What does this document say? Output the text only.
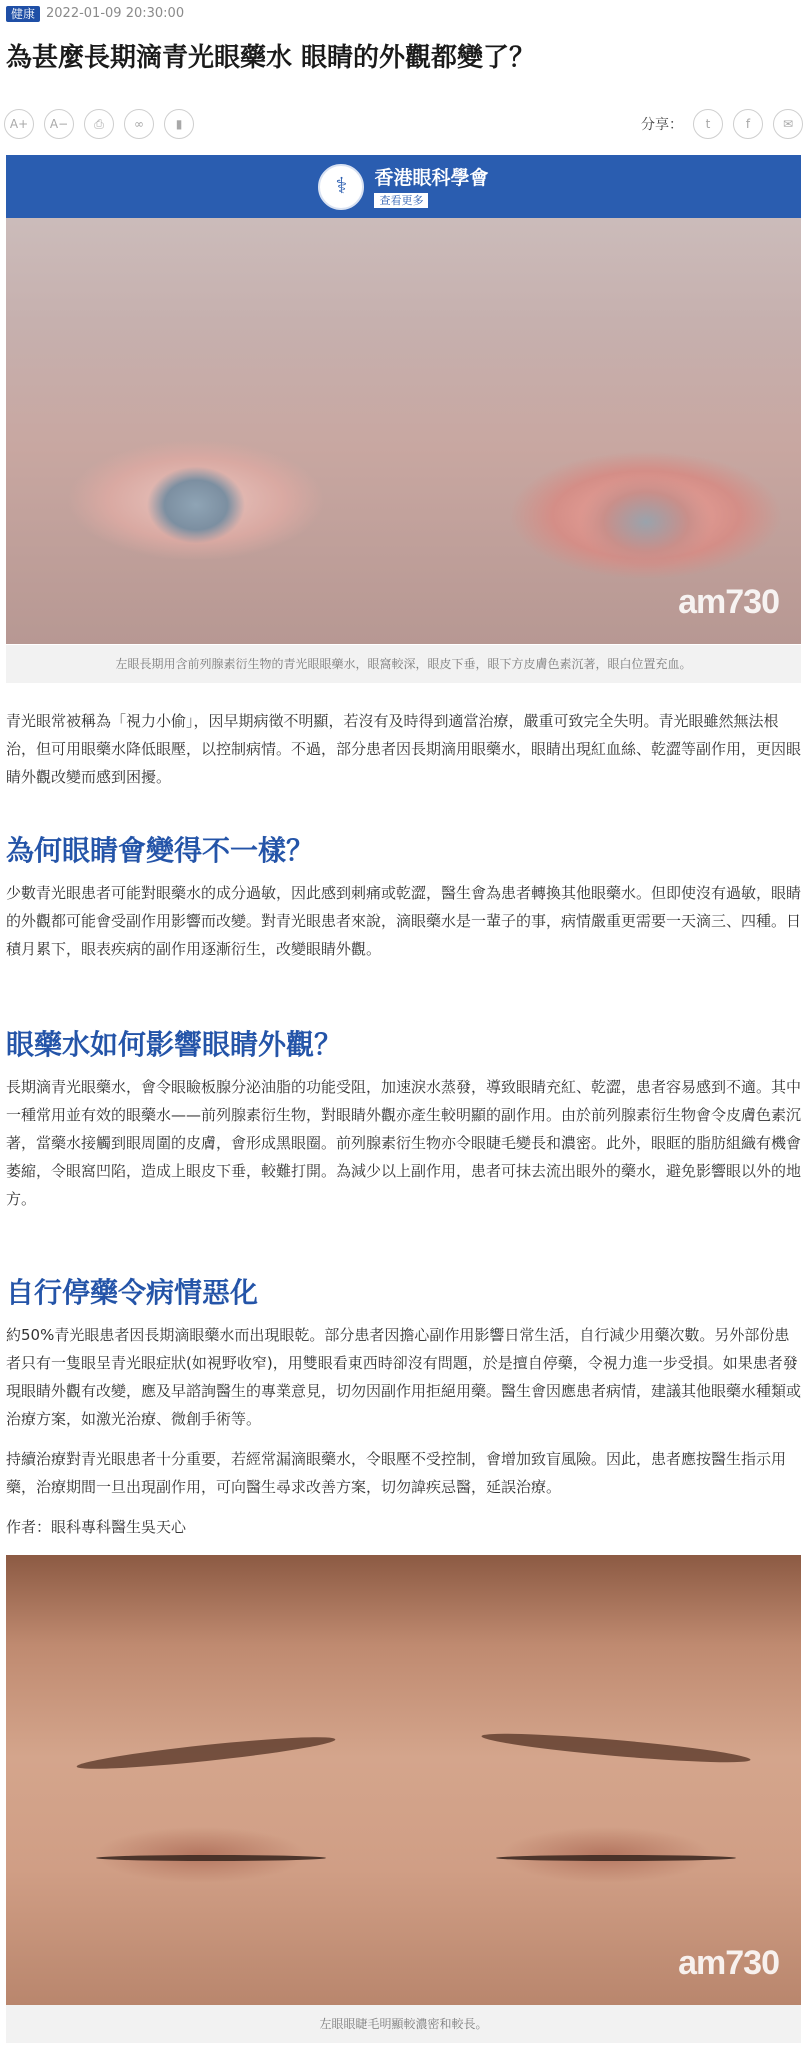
健康 2022-01-09 20:30:00
為甚麼長期滴青光眼藥水 眼睛的外觀都變了？
A+	A−	⎙	∞	▮	分享：	t	f	✉
⚕	香港眼科學會
查看更多
am730
左眼長期用含前列腺素衍生物的青光眼眼藥水，眼窩較深，眼皮下垂，眼下方皮膚色素沉著，眼白位置充血。

青光眼常被稱為「視力小偷」，因早期病徵不明顯，若沒有及時得到適當治療，嚴重可致完全失明。青光眼雖然無法根治，但可用眼藥水降低眼壓，以控制病情。不過，部分患者因長期滴用眼藥水，眼睛出現紅血絲、乾澀等副作用，更因眼睛外觀改變而感到困擾。

為何眼睛會變得不一樣？

少數青光眼患者可能對眼藥水的成分過敏，因此感到刺痛或乾澀，醫生會為患者轉換其他眼藥水。但即使沒有過敏，眼睛的外觀都可能會受副作用影響而改變。對青光眼患者來說，滴眼藥水是一輩子的事，病情嚴重更需要一天滴三、四種。日積月累下，眼表疾病的副作用逐漸衍生，改變眼睛外觀。

眼藥水如何影響眼睛外觀？

長期滴青光眼藥水，會令眼瞼板腺分泌油脂的功能受阻，加速淚水蒸發，導致眼睛充紅、乾澀，患者容易感到不適。其中一種常用並有效的眼藥水——前列腺素衍生物，對眼睛外觀亦產生較明顯的副作用。由於前列腺素衍生物會令皮膚色素沉著，當藥水接觸到眼周圍的皮膚，會形成黑眼圈。前列腺素衍生物亦令眼睫毛變長和濃密。此外，眼眶的脂肪組織有機會萎縮，令眼窩凹陷，造成上眼皮下垂，較難打開。為減少以上副作用，患者可抹去流出眼外的藥水，避免影響眼以外的地方。

自行停藥令病情惡化

約50%青光眼患者因長期滴眼藥水而出現眼乾。部分患者因擔心副作用影響日常生活，自行減少用藥次數。另外部份患者只有一隻眼呈青光眼症狀(如視野收窄)，用雙眼看東西時卻沒有問題，於是擅自停藥，令視力進一步受損。如果患者發現眼睛外觀有改變，應及早諮詢醫生的專業意見，切勿因副作用拒絕用藥。醫生會因應患者病情，建議其他眼藥水種類或治療方案，如激光治療、微創手術等。

持續治療對青光眼患者十分重要，若經常漏滴眼藥水，令眼壓不受控制，會增加致盲風險。因此，患者應按醫生指示用藥，治療期間一旦出現副作用，可向醫生尋求改善方案，切勿諱疾忌醫，延誤治療。

作者：眼科專科醫生吳天心

am730
左眼眼睫毛明顯較濃密和較長。
